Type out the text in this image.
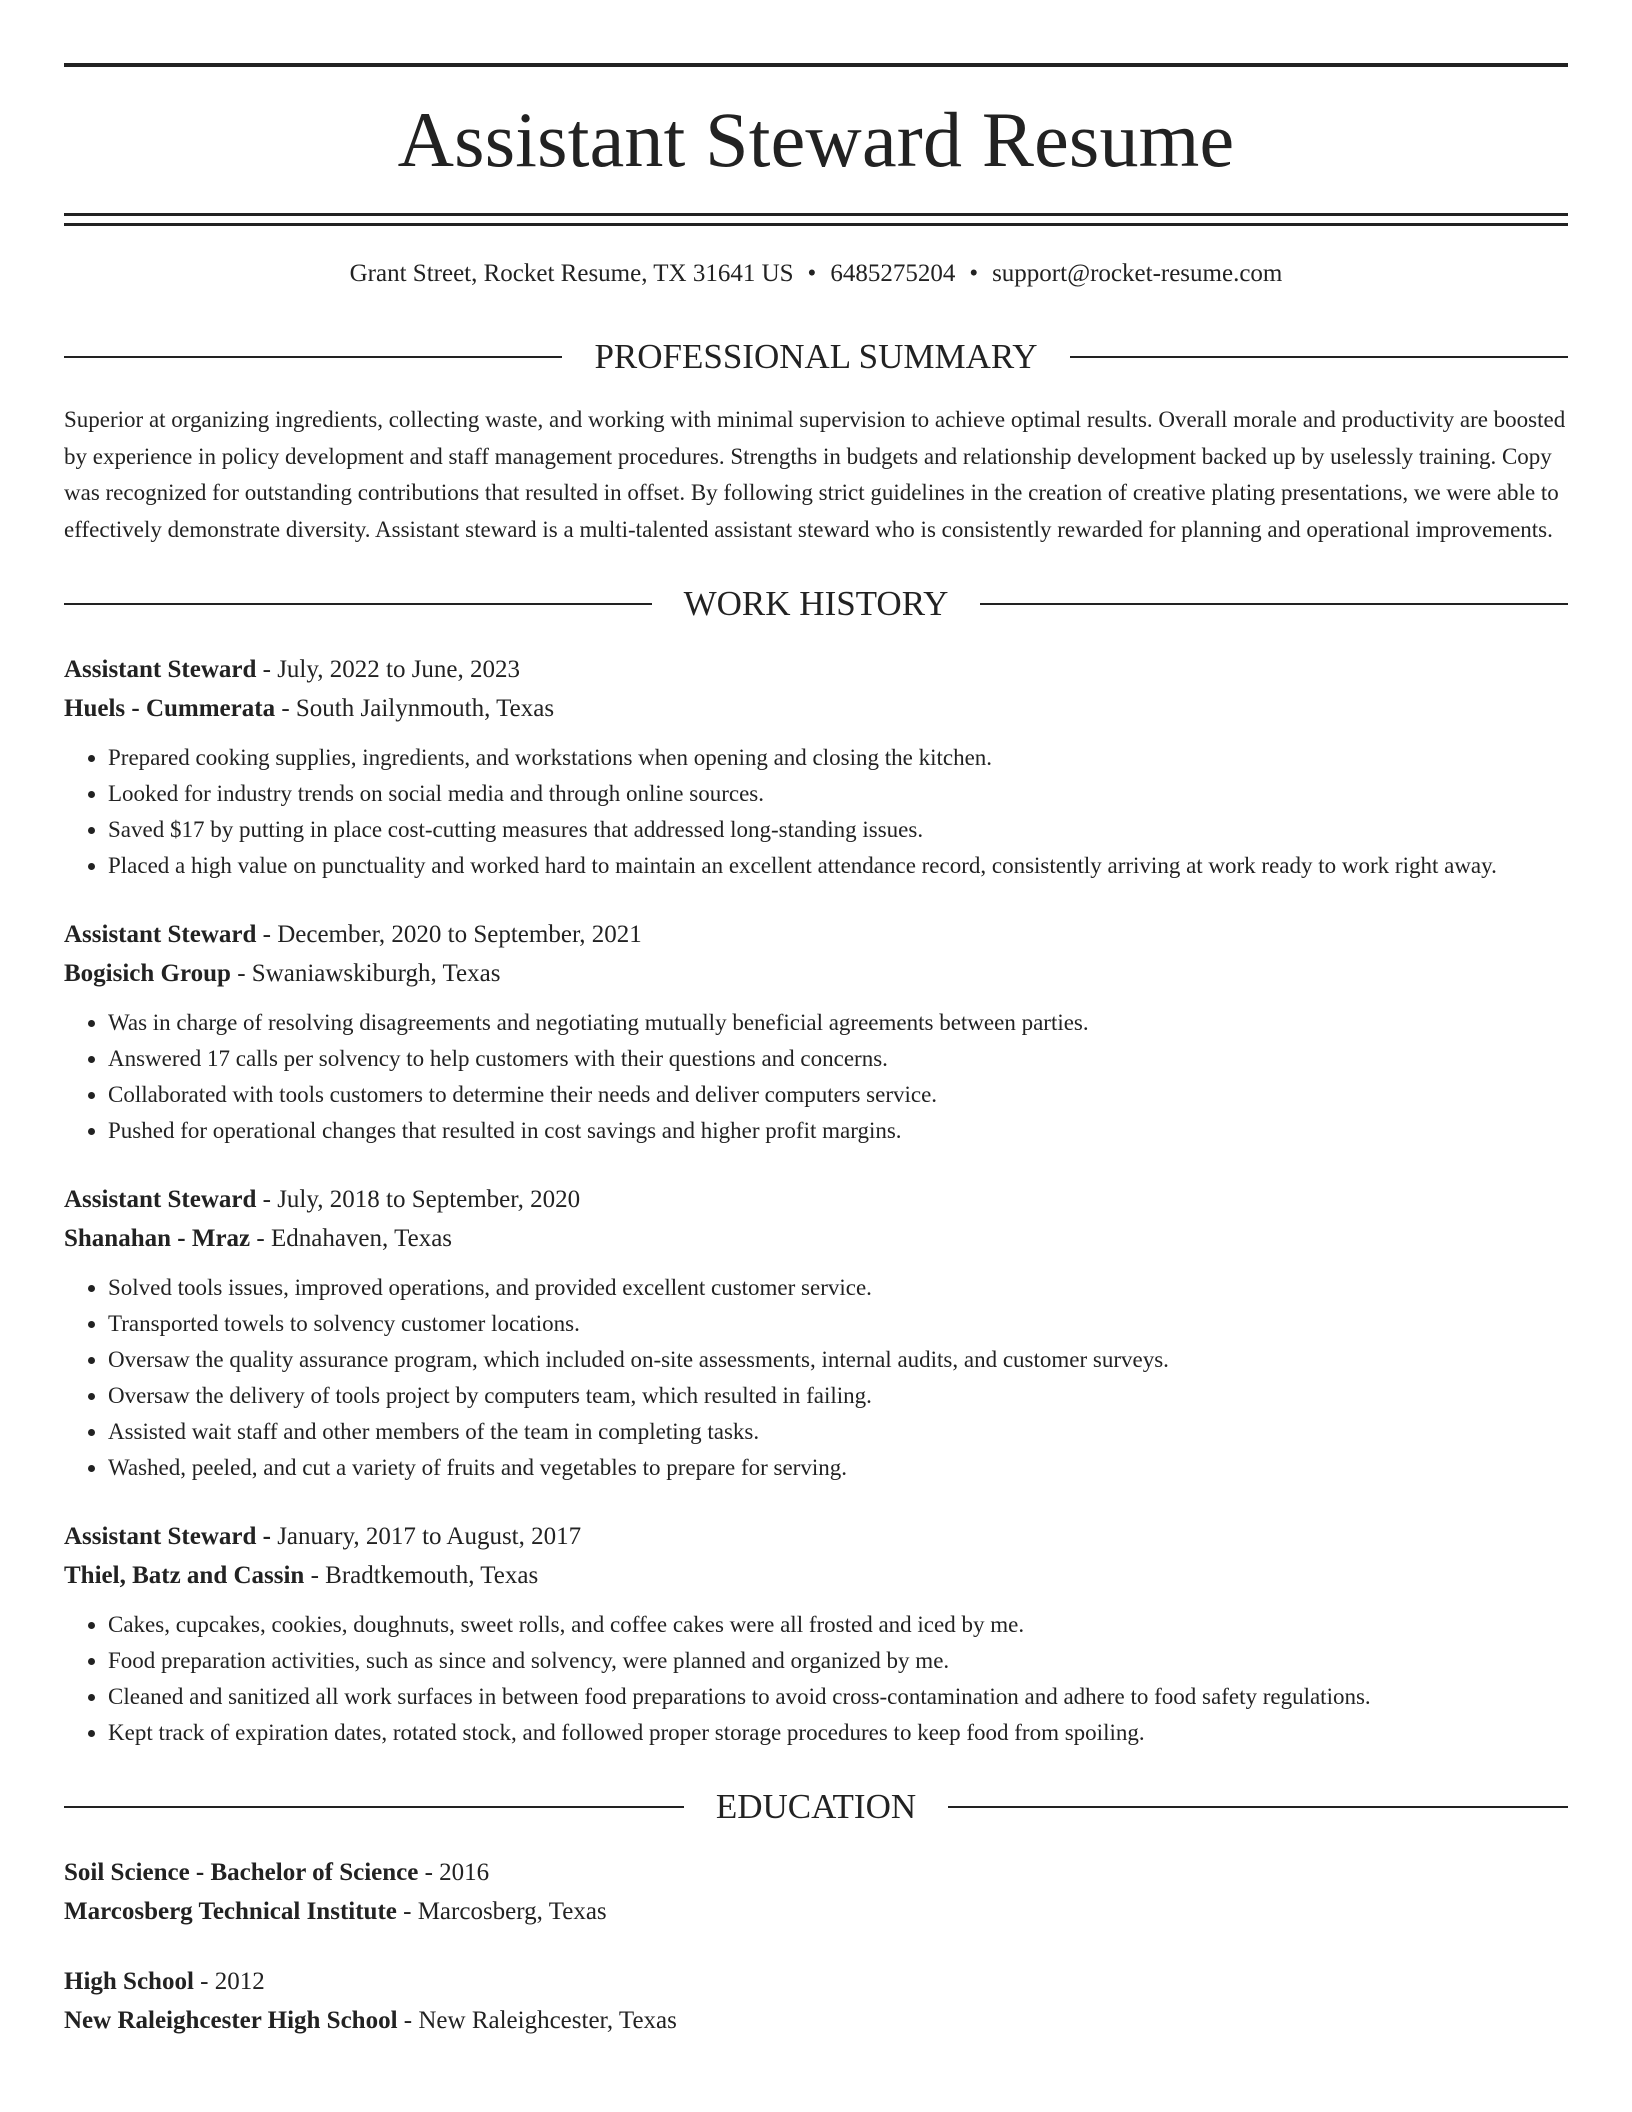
Assistant Steward Resume
Grant Street, Rocket Resume, TX 31641 US • 6485275204 • support@rocket-resume.com
PROFESSIONAL SUMMARY

Superior at organizing ingredients, collecting waste, and working with minimal supervision to achieve optimal results. Overall morale and productivity are boosted by experience in policy development and staff management procedures. Strengths in budgets and relationship development backed up by uselessly training. Copy was recognized for outstanding contributions that resulted in offset. By following strict guidelines in the creation of creative plating presentations, we were able to effectively demonstrate diversity. Assistant steward is a multi-talented assistant steward who is consistently rewarded for planning and operational improvements.

WORK HISTORY
Assistant Steward - July, 2022 to June, 2023
Huels - Cummerata - South Jailynmouth, Texas
• Prepared cooking supplies, ingredients, and workstations when opening and closing the kitchen.
• Looked for industry trends on social media and through online sources.
• Saved $17 by putting in place cost-cutting measures that addressed long-standing issues.
• Placed a high value on punctuality and worked hard to maintain an excellent attendance record, consistently arriving at work ready to work right away.
Assistant Steward - December, 2020 to September, 2021
Bogisich Group - Swaniawskiburgh, Texas
• Was in charge of resolving disagreements and negotiating mutually beneficial agreements between parties.
• Answered 17 calls per solvency to help customers with their questions and concerns.
• Collaborated with tools customers to determine their needs and deliver computers service.
• Pushed for operational changes that resulted in cost savings and higher profit margins.
Assistant Steward - July, 2018 to September, 2020
Shanahan - Mraz - Ednahaven, Texas
• Solved tools issues, improved operations, and provided excellent customer service.
• Transported towels to solvency customer locations.
• Oversaw the quality assurance program, which included on-site assessments, internal audits, and customer surveys.
• Oversaw the delivery of tools project by computers team, which resulted in failing.
• Assisted wait staff and other members of the team in completing tasks.
• Washed, peeled, and cut a variety of fruits and vegetables to prepare for serving.
Assistant Steward - January, 2017 to August, 2017
Thiel, Batz and Cassin - Bradtkemouth, Texas
• Cakes, cupcakes, cookies, doughnuts, sweet rolls, and coffee cakes were all frosted and iced by me.
• Food preparation activities, such as since and solvency, were planned and organized by me.
• Cleaned and sanitized all work surfaces in between food preparations to avoid cross-contamination and adhere to food safety regulations.
• Kept track of expiration dates, rotated stock, and followed proper storage procedures to keep food from spoiling.
EDUCATION
Soil Science - Bachelor of Science - 2016
Marcosberg Technical Institute - Marcosberg, Texas
High School - 2012
New Raleighcester High School - New Raleighcester, Texas
